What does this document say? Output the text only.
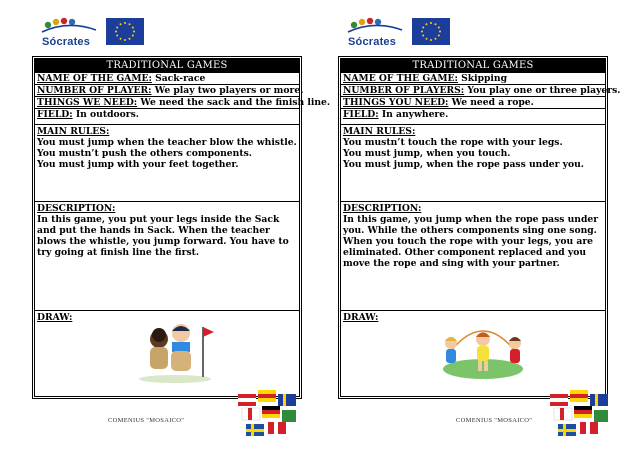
Sócrates
TRADITIONAL GAMES
NAME OF THE GAME: Sack-race
NUMBER OF PLAYER: We play two players or more.
THINGS WE NEED: We need the sack and the finish line.
FIELD: In outdoors.
MAIN RULES:
You must jump when the teacher blow the whistle.
You mustn’t push the others components.
You must jump with your feet together.
DESCRIPTION:
In this game, you put your legs inside the Sack and put the hands in Sack. When the teacher blows the whistle, you jump forward. You have to try going at finish line the first.
DRAW:
COMENIUS "MOSAICO"
Sócrates
TRADITIONAL GAMES
NAME OF THE GAME: Skipping
NUMBER OF PLAYERS: You play one or three players.
THINGS YOU NEED: We need a rope.
FIELD: In anywhere.
MAIN RULES:
You mustn’t touch the rope with your legs.
You must jump, when you touch.
You must jump, when the rope pass under you.
DESCRIPTION:
In this game, you jump when the rope pass under you. While the others components sing one song. When you touch the rope with your legs, you are eliminated. Other component replaced and you move the rope and sing with your partner.
DRAW:
COMENIUS "MOSAICO"
